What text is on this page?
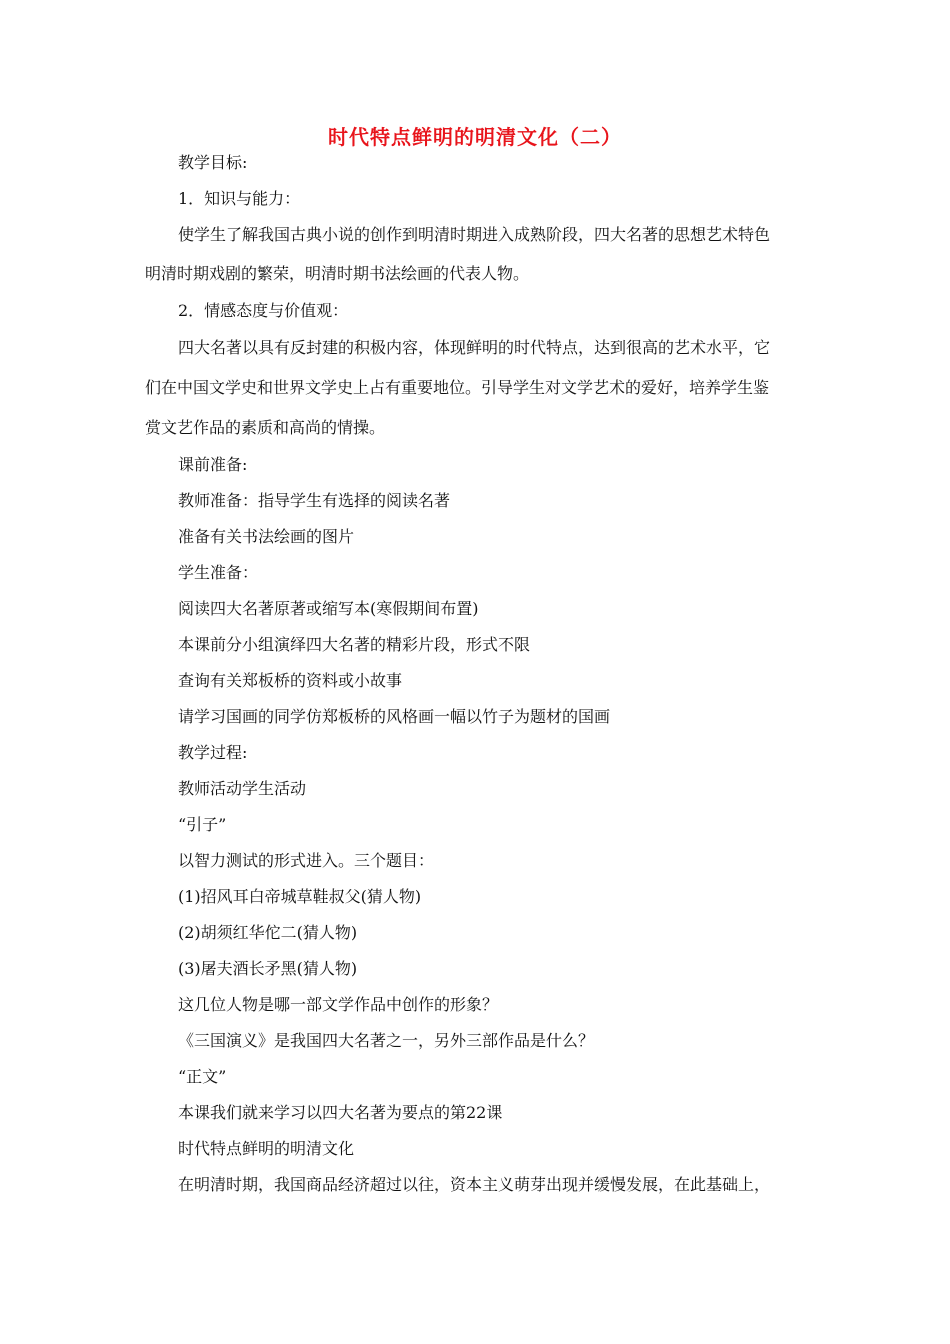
时代特点鲜明的明清文化（二）
教学目标:
1．知识与能力：
使学生了解我国古典小说的创作到明清时期进入成熟阶段，四大名著的思想艺术特色
明清时期戏剧的繁荣，明清时期书法绘画的代表人物。
2．情感态度与价值观：
四大名著以具有反封建的积极内容，体现鲜明的时代特点，达到很高的艺术水平，它
们在中国文学史和世界文学史上占有重要地位。引导学生对文学艺术的爱好，培养学生鉴
赏文艺作品的素质和高尚的情操。
课前准备:
教师准备：指导学生有选择的阅读名著
准备有关书法绘画的图片
学生准备：
阅读四大名著原著或缩写本(寒假期间布置)
本课前分小组演绎四大名著的精彩片段，形式不限
查询有关郑板桥的资料或小故事
请学习国画的同学仿郑板桥的风格画一幅以竹子为题材的国画
教学过程:
教师活动学生活动
“引子”
以智力测试的形式进入。三个题目：
(1)招风耳白帝城草鞋叔父(猜人物)
(2)胡须红华佗二(猜人物)
(3)屠夫酒长矛黑(猜人物)
这几位人物是哪一部文学作品中创作的形象？
《三国演义》是我国四大名著之一，另外三部作品是什么？
“正文”
本课我们就来学习以四大名著为要点的第22课
时代特点鲜明的明清文化
在明清时期，我国商品经济超过以往，资本主义萌芽出现并缓慢发展，在此基础上，
